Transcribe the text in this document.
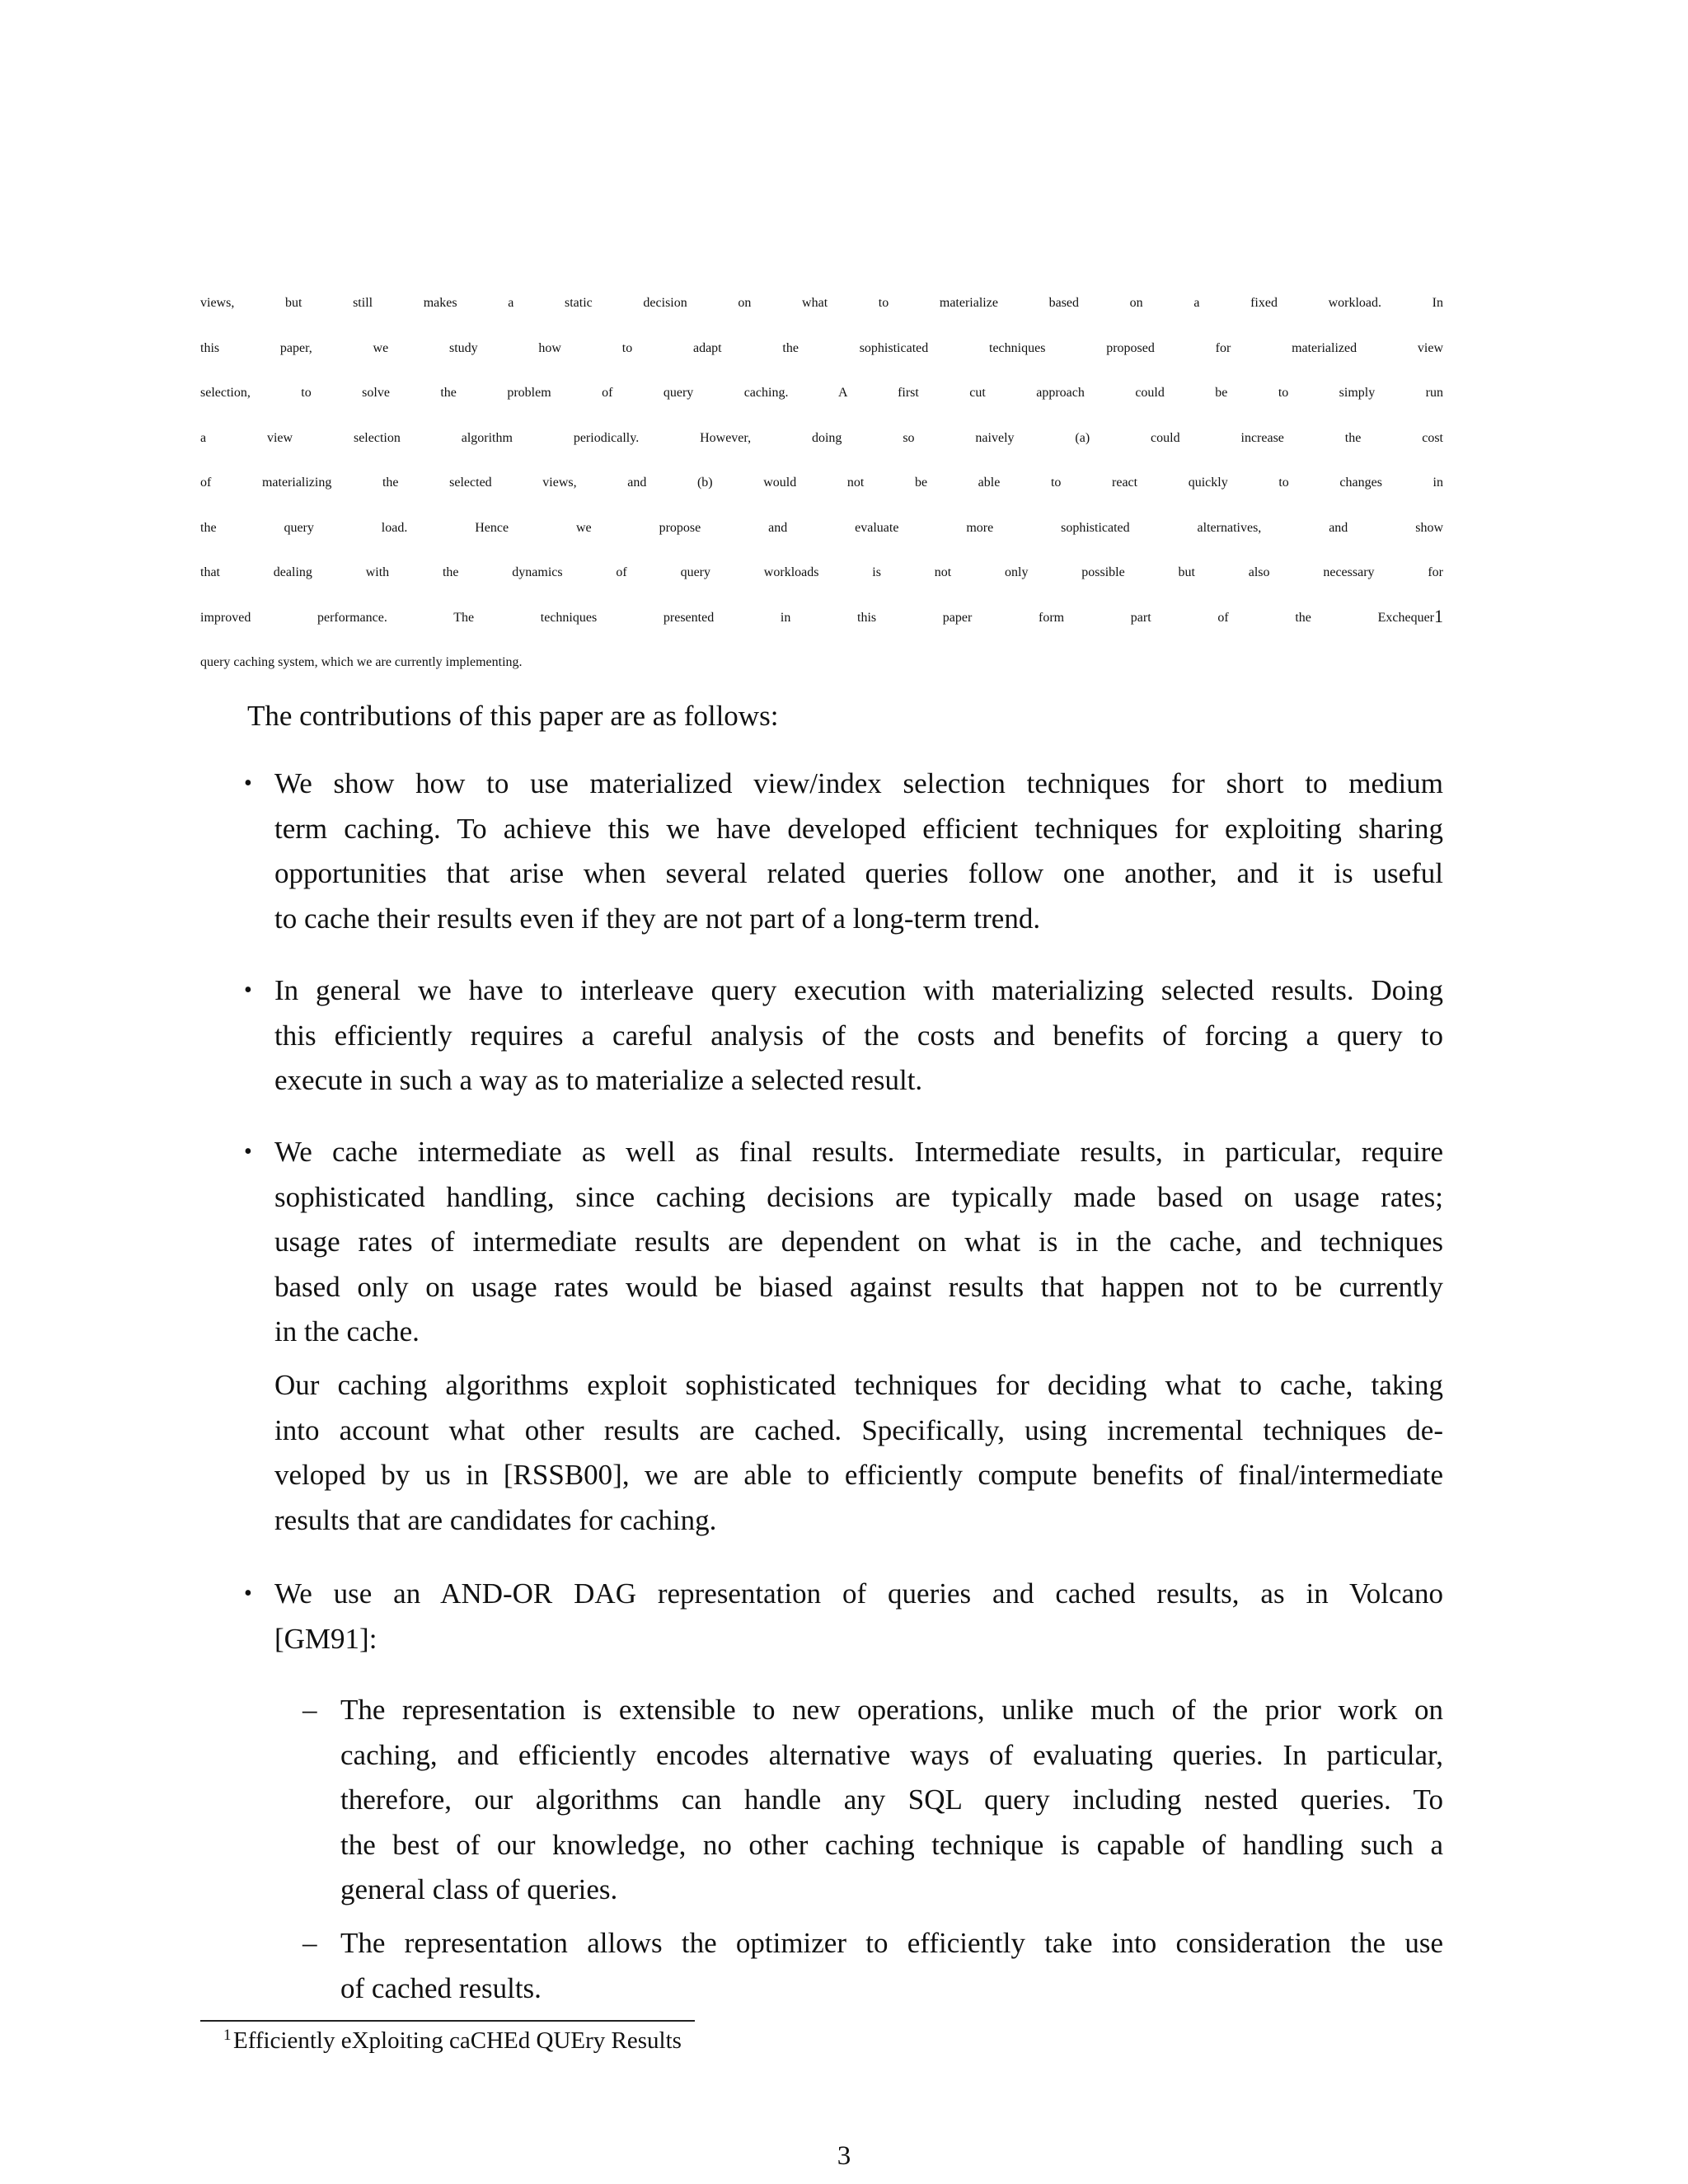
views, but still makes a static decision on what to materialize based on a fixed workload. In
this paper, we study how to adapt the sophisticated techniques proposed for materialized view
selection, to solve the problem of query caching. A first cut approach could be to simply run
a view selection algorithm periodically. However, doing so naively (a) could increase the cost
of materializing the selected views, and (b) would not be able to react quickly to changes in
the query load. Hence we propose and evaluate more sophisticated alternatives, and show
that dealing with the dynamics of query workloads is not only possible but also necessary for
improved performance. The techniques presented in this paper form part of the Exchequer$^1$
query caching system, which we are currently implementing.
The contributions of this paper are as follows:
• We show how to use materialized view/index selection techniques for short to medium
term caching. To achieve this we have developed efficient techniques for exploiting sharing
opportunities that arise when several related queries follow one another, and it is useful
to cache their results even if they are not part of a long-term trend.
• In general we have to interleave query execution with materializing selected results. Doing
this efficiently requires a careful analysis of the costs and benefits of forcing a query to
execute in such a way as to materialize a selected result.
• We cache intermediate as well as final results. Intermediate results, in particular, require
sophisticated handling, since caching decisions are typically made based on usage rates;
usage rates of intermediate results are dependent on what is in the cache, and techniques
based only on usage rates would be biased against results that happen not to be currently
in the cache.
Our caching algorithms exploit sophisticated techniques for deciding what to cache, taking
into account what other results are cached. Specifically, using incremental techniques de-
veloped by us in [RSSB00], we are able to efficiently compute benefits of final/intermediate
results that are candidates for caching.
• We use an AND-OR DAG representation of queries and cached results, as in Volcano
[GM91]:
– The representation is extensible to new operations, unlike much of the prior work on
caching, and efficiently encodes alternative ways of evaluating queries. In particular,
therefore, our algorithms can handle any SQL query including nested queries. To
the best of our knowledge, no other caching technique is capable of handling such a
general class of queries.
– The representation allows the optimizer to efficiently take into consideration the use
of cached results.
1 Efficiently eXploiting caCHEd QUEry Results
3
